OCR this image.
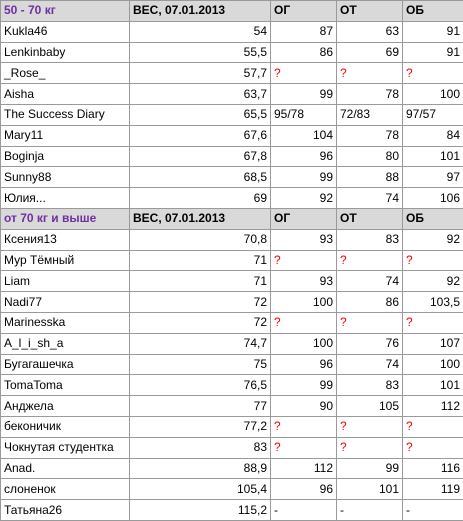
50 - 70 кг	ВЕС, 07.01.2013	ОГ	ОТ	ОБ
Kukla46	54	87	63	91
Lenkinbaby	55,5	86	69	91
_Rose_	57,7	?	?	?
Aisha	63,7	99	78	100
The Success Diary	65,5	95/78	72/83	97/57
Mary11	67,6	104	78	84
Boginja	67,8	96	80	101
Sunny88	68,5	99	88	97
Юлия...	69	92	74	106
от 70 кг и выше	ВЕС, 07.01.2013	ОГ	ОТ	ОБ
Ксения13	70,8	93	83	92
Мур Тёмный	71	?	?	?
Liam	71	93	74	92
Nadi77	72	100	86	103,5
Marinesska	72	?	?	?
A_l_i_sh_a	74,7	100	76	107
Бугагашечка	75	96	74	100
TomaToma	76,5	99	83	101
Анджела	77	90	105	112
беконичик	77,2	?	?	?
Чокнутая студентка	83	?	?	?
Anad.	88,9	112	99	116
слоненок	105,4	96	101	119
Татьяна26	115,2	-	-	-
